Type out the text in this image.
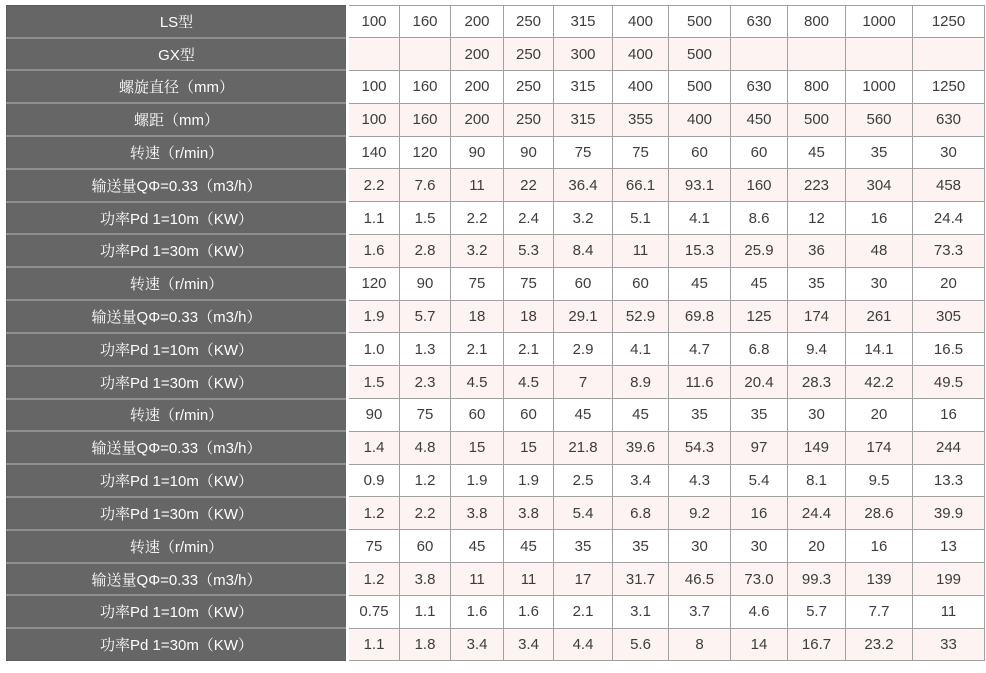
LS型	100	160	200	250	315	400	500	630	800	1000	1250
GX型			200	250	300	400	500				
螺旋直径（mm）	100	160	200	250	315	400	500	630	800	1000	1250
螺距（mm）	100	160	200	250	315	355	400	450	500	560	630
转速（r/min）	140	120	90	90	75	75	60	60	45	35	30
输送量QΦ=0.33（m3/h）	2.2	7.6	11	22	36.4	66.1	93.1	160	223	304	458
功率Pd 1=10m（KW）	1.1	1.5	2.2	2.4	3.2	5.1	4.1	8.6	12	16	24.4
功率Pd 1=30m（KW）	1.6	2.8	3.2	5.3	8.4	11	15.3	25.9	36	48	73.3
转速（r/min）	120	90	75	75	60	60	45	45	35	30	20
输送量QΦ=0.33（m3/h）	1.9	5.7	18	18	29.1	52.9	69.8	125	174	261	305
功率Pd 1=10m（KW）	1.0	1.3	2.1	2.1	2.9	4.1	4.7	6.8	9.4	14.1	16.5
功率Pd 1=30m（KW）	1.5	2.3	4.5	4.5	7	8.9	11.6	20.4	28.3	42.2	49.5
转速（r/min）	90	75	60	60	45	45	35	35	30	20	16
输送量QΦ=0.33（m3/h）	1.4	4.8	15	15	21.8	39.6	54.3	97	149	174	244
功率Pd 1=10m（KW）	0.9	1.2	1.9	1.9	2.5	3.4	4.3	5.4	8.1	9.5	13.3
功率Pd 1=30m（KW）	1.2	2.2	3.8	3.8	5.4	6.8	9.2	16	24.4	28.6	39.9
转速（r/min）	75	60	45	45	35	35	30	30	20	16	13
输送量QΦ=0.33（m3/h）	1.2	3.8	11	11	17	31.7	46.5	73.0	99.3	139	199
功率Pd 1=10m（KW）	0.75	1.1	1.6	1.6	2.1	3.1	3.7	4.6	5.7	7.7	11
功率Pd 1=30m（KW）	1.1	1.8	3.4	3.4	4.4	5.6	8	14	16.7	23.2	33
